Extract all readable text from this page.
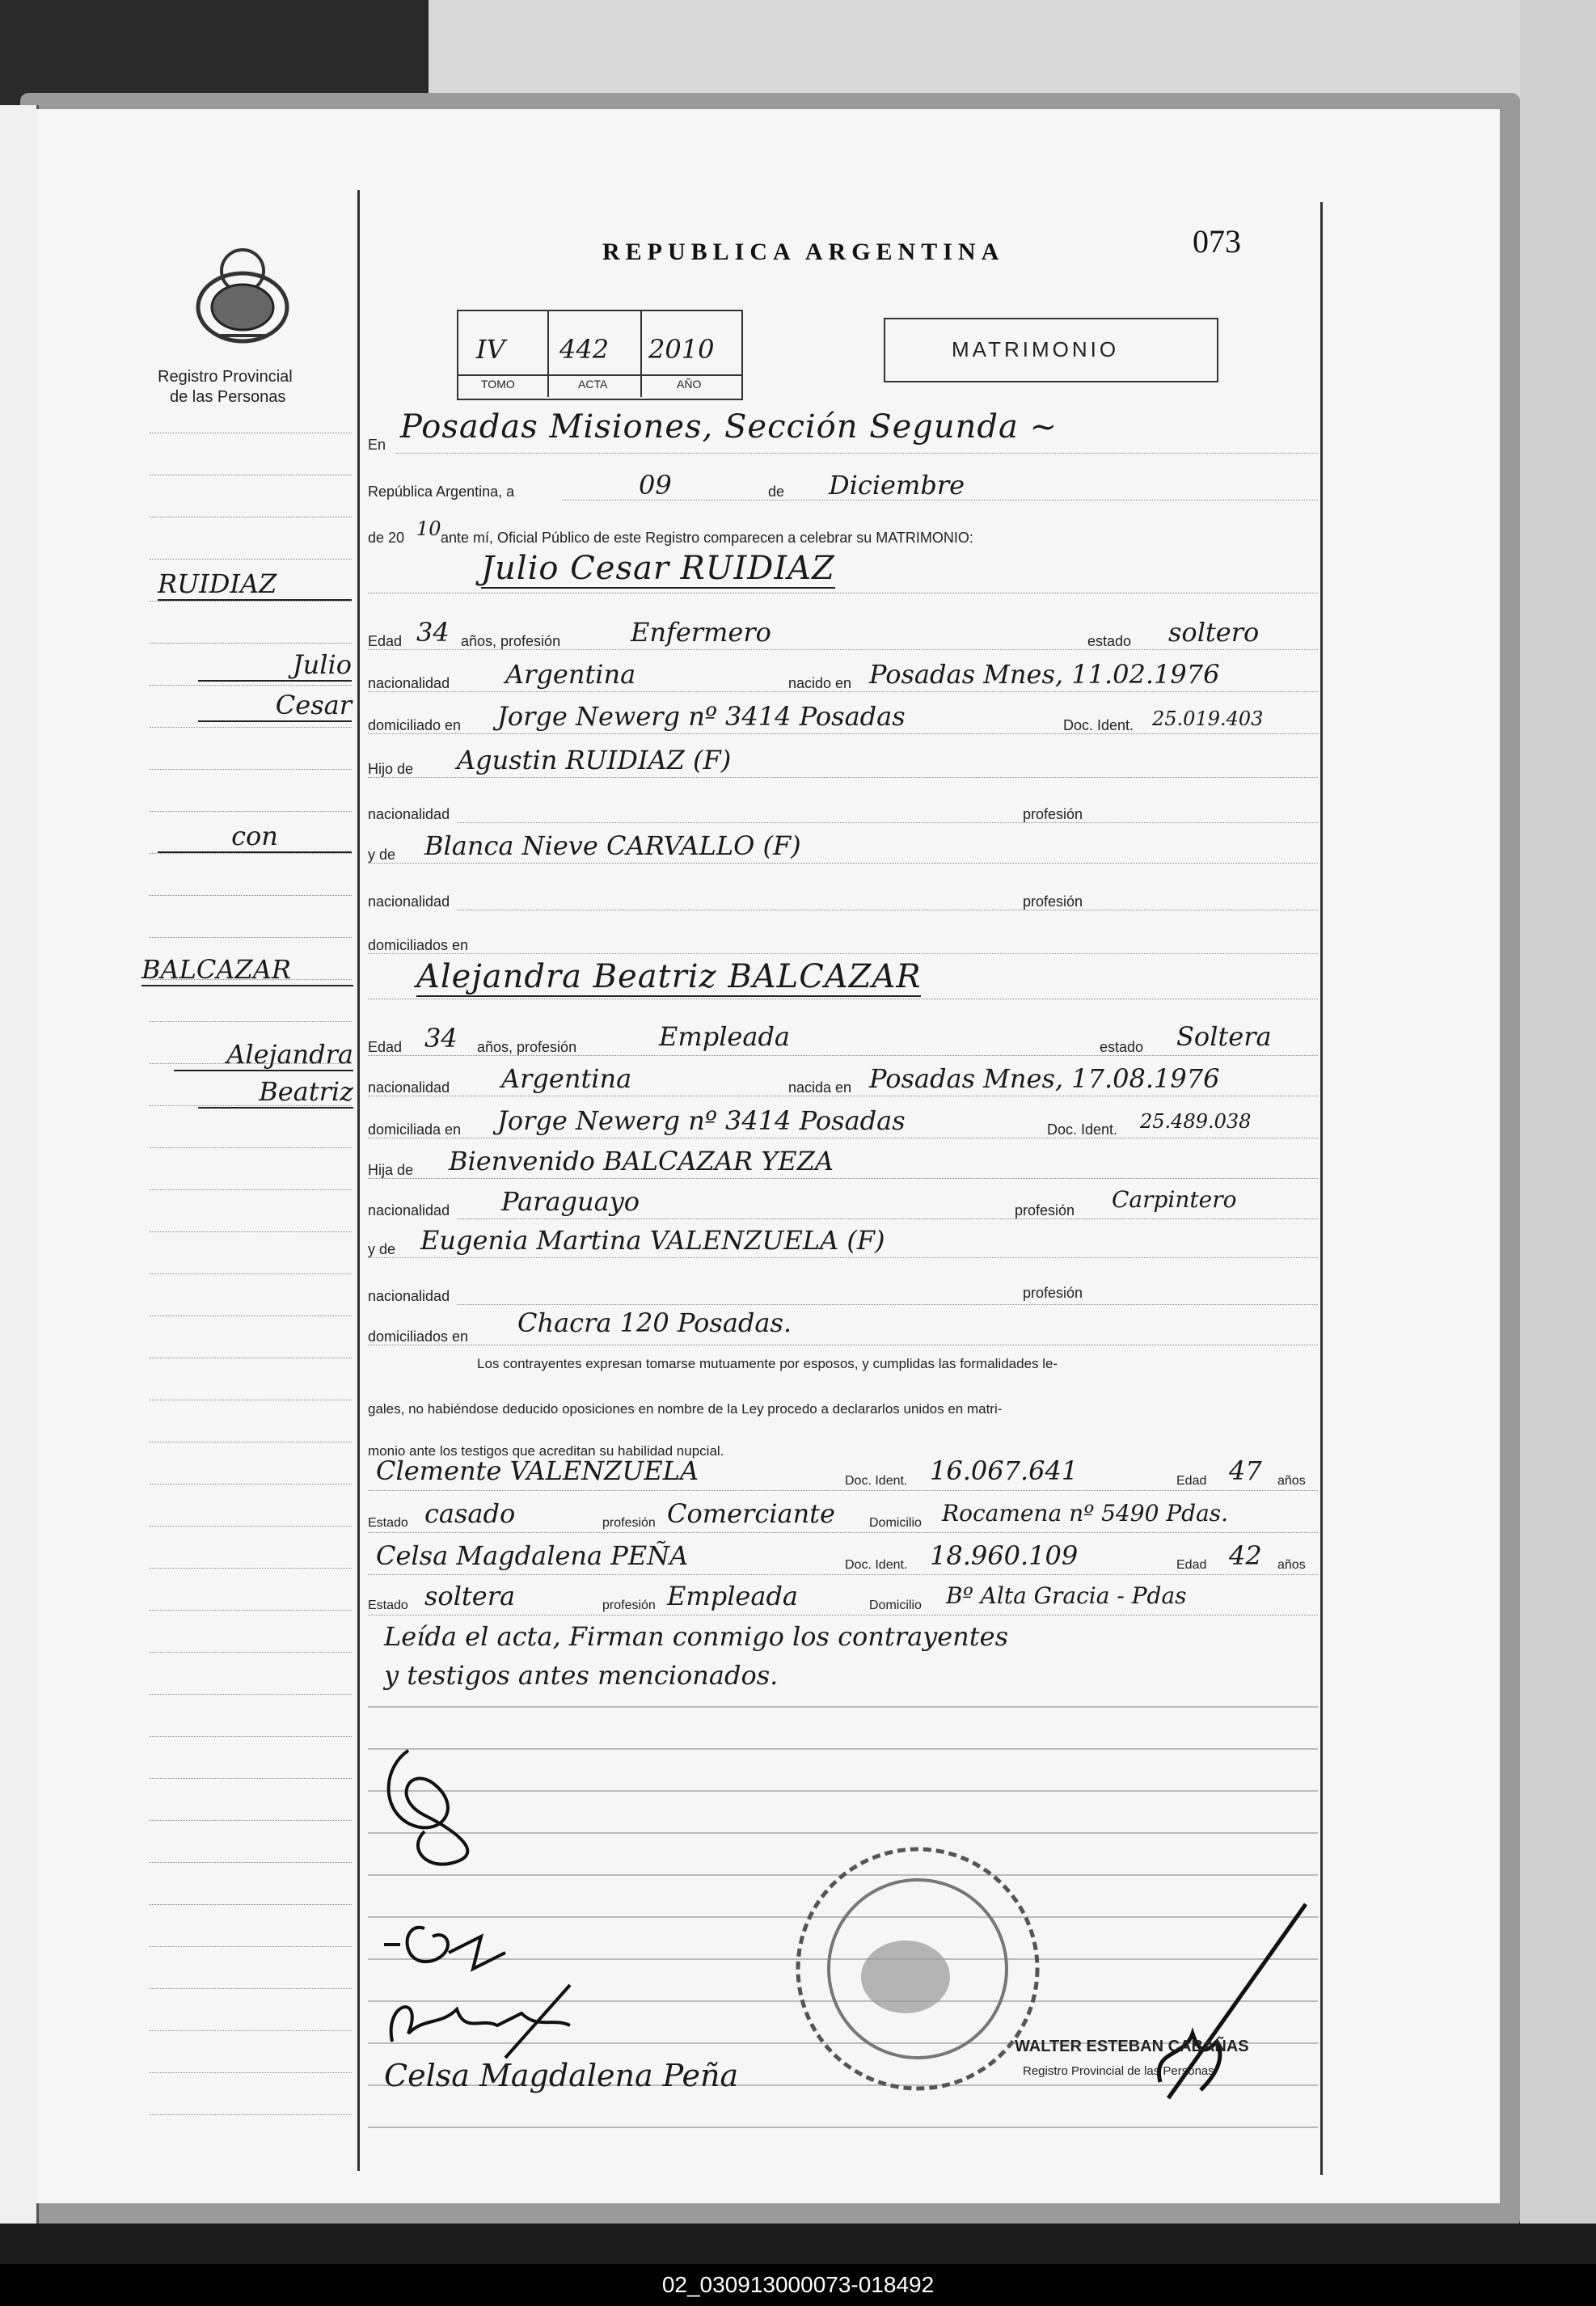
Registro Provincial
de las Personas
REPUBLICA ARGENTINA	073
IV 442 2010
TOMO	ACTA	AÑO
MATRIMONIO
RUIDIAZ
Julio
Cesar
con
BALCAZAR
Alejandra
Beatriz
En Posadas Misiones, Sección Segunda ~
República Argentina, a	09	de Diciembre
de 20 10 ante mí, Oficial Público de este Registro comparecen a celebrar su MATRIMONIO:
Julio Cesar RUIDIAZ
Edad 34 años, profesión	Enfermero	estado soltero
nacionalidad Argentina	nacido en Posadas Mnes, 11.02.1976
domiciliado en Jorge Newerg nº 3414 Posadas	Doc. Ident. 25.019.403
Hijo de Agustin RUIDIAZ (F)
nacionalidad	profesión
y de Blanca Nieve CARVALLO (F)
nacionalidad	profesión
domiciliados en
Alejandra Beatriz BALCAZAR
Edad 34 años, profesión	Empleada	estado Soltera
nacionalidad Argentina	nacida en Posadas Mnes, 17.08.1976
domiciliada en Jorge Newerg nº 3414 Posadas	Doc. Ident. 25.489.038
Hija de Bienvenido BALCAZAR YEZA
nacionalidad Paraguayo	profesión Carpintero
y de Eugenia Martina VALENZUELA (F)
nacionalidad	profesión
domiciliados en Chacra 120 Posadas.
Los contrayentes expresan tomarse mutuamente por esposos, y cumplidas las formalidades le-
gales, no habiéndose deducido oposiciones en nombre de la Ley procedo a declararlos unidos en matri-
monio ante los testigos que acreditan su habilidad nupcial.
Clemente VALENZUELA	Doc. Ident. 16.067.641	Edad 47 años
Estado casado	profesión Comerciante	Domicilio Rocamena nº 5490 Pdas.
Celsa Magdalena PEÑA	Doc. Ident. 18.960.109	Edad 42 años
Estado soltera	profesión Empleada	Domicilio Bº Alta Gracia - Pdas
Leída el acta, Firman conmigo los contrayentes
y testigos antes mencionados.
Celsa Magdalena Peña
WALTER ESTEBAN CABAÑAS
Registro Provincial de las Personas
02_030913000073-018492
